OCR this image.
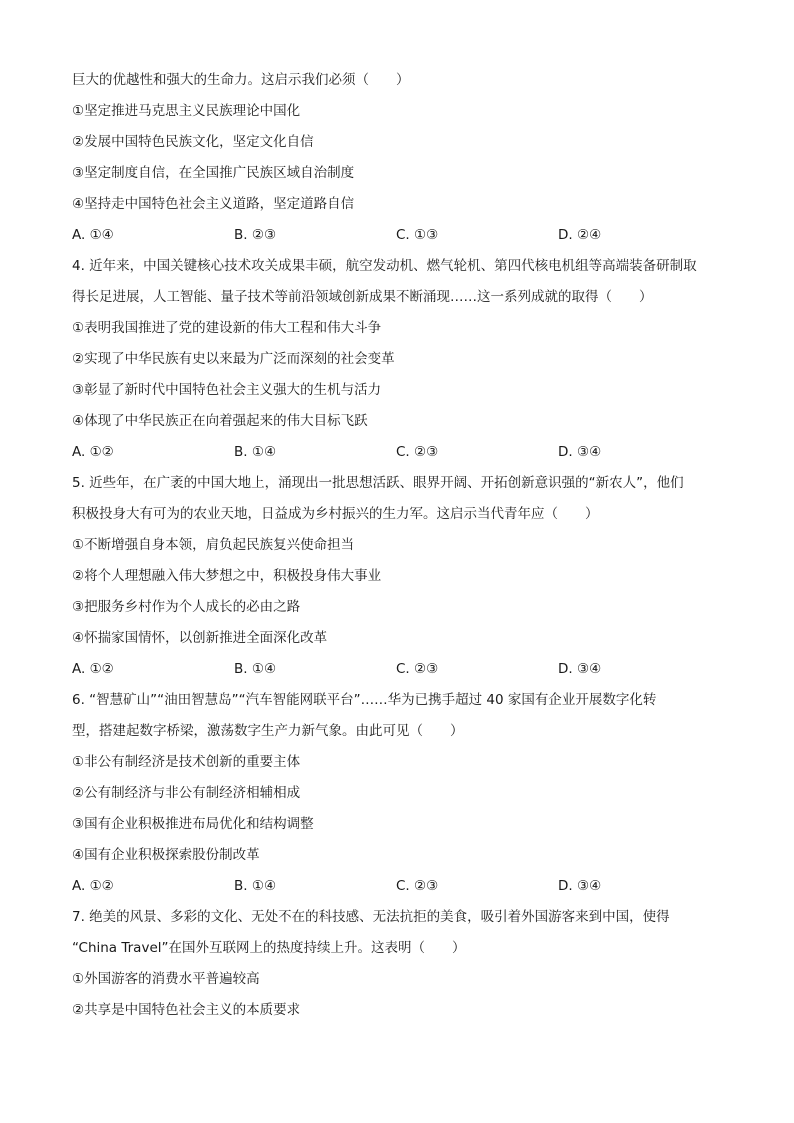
巨大的优越性和强大的生命力。这启示我们必须（　　）
①坚定推进马克思主义民族理论中国化
②发展中国特色民族文化，坚定文化自信
③坚定制度自信，在全国推广民族区域自治制度
④坚持走中国特色社会主义道路，坚定道路自信
A. ①④	B. ②③	C. ①③	D. ②④
4. 近年来，中国关键核心技术攻关成果丰硕，航空发动机、燃气轮机、第四代核电机组等高端装备研制取
得长足进展，人工智能、量子技术等前沿领域创新成果不断涌现……这一系列成就的取得（　　）
①表明我国推进了党的建设新的伟大工程和伟大斗争
②实现了中华民族有史以来最为广泛而深刻的社会变革
③彰显了新时代中国特色社会主义强大的生机与活力
④体现了中华民族正在向着强起来的伟大目标飞跃
A. ①②	B. ①④	C. ②③	D. ③④
5. 近些年，在广袤的中国大地上，涌现出一批思想活跃、眼界开阔、开拓创新意识强的“新农人”，他们
积极投身大有可为的农业天地，日益成为乡村振兴的生力军。这启示当代青年应（　　）
①不断增强自身本领，肩负起民族复兴使命担当
②将个人理想融入伟大梦想之中，积极投身伟大事业
③把服务乡村作为个人成长的必由之路
④怀揣家国情怀，以创新推进全面深化改革
A. ①②	B. ①④	C. ②③	D. ③④
6. “智慧矿山”“油田智慧岛”“汽车智能网联平台”……华为已携手超过 40 家国有企业开展数字化转
型，搭建起数字桥梁，激荡数字生产力新气象。由此可见（　　）
①非公有制经济是技术创新的重要主体
②公有制经济与非公有制经济相辅相成
③国有企业积极推进布局优化和结构调整
④国有企业积极探索股份制改革
A. ①②	B. ①④	C. ②③	D. ③④
7. 绝美的风景、多彩的文化、无处不在的科技感、无法抗拒的美食，吸引着外国游客来到中国，使得
“China Travel”在国外互联网上的热度持续上升。这表明（　　）
①外国游客的消费水平普遍较高
②共享是中国特色社会主义的本质要求
